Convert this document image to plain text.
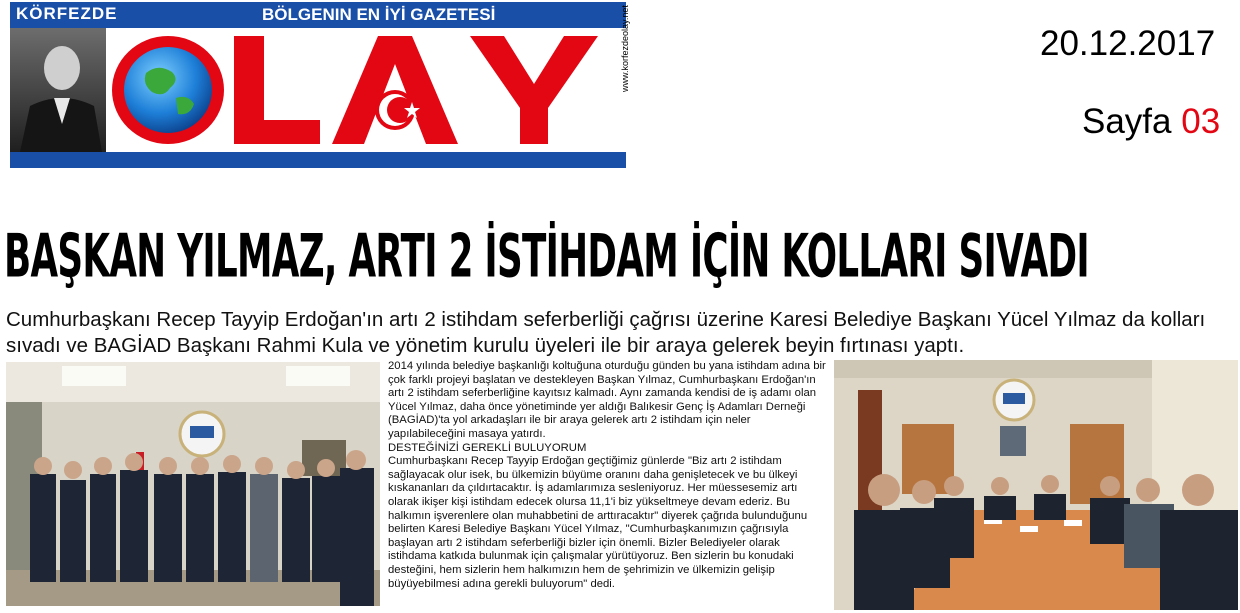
KÖRFEZDE	BÖLGENIN EN İYİ GAZETESİ	www.korfezdeolay.net	20.12.2017
Sayfa 03
BAŞKAN YILMAZ, ARTI 2 İSTİHDAM İÇİN KOLLARI SIVADI
Cumhurbaşkanı Recep Tayyip Erdoğan'ın artı 2 istihdam seferberliği çağrısı üzerine Karesi Belediye Başkanı Yücel Yılmaz da kolları sıvadı ve BAGİAD Başkanı Rahmi Kula ve yönetim kurulu üyeleri ile bir araya gelerek beyin fırtınası yaptı.

2014 yılında belediye başkanlığı koltuğuna oturduğu günden bu yana istihdam adına bir çok farklı projeyi başlatan ve destekleyen Başkan Yılmaz, Cumhurbaşkanı Erdoğan'ın artı 2 istihdam seferberliğine kayıtsız kalmadı. Aynı zamanda kendisi de iş adamı olan Yücel Yılmaz, daha önce yönetiminde yer aldığı Balıkesir Genç İş Adamları Derneği (BAGİAD)'ta yol arkadaşları ile bir araya gelerek artı 2 istihdam için neler yapılabileceğini masaya yatırdı.

DESTEĞİNİZİ GEREKLİ BULUYORUM

Cumhurbaşkanı Recep Tayyip Erdoğan geçtiğimiz günlerde "Biz artı 2 istihdam sağlayacak olur isek, bu ülkemizin büyüme oranını daha genişletecek ve bu ülkeyi kıskananları da çıldırtacaktır. İş adamlarımıza sesleniyoruz. Her müessesemiz artı olarak ikişer kişi istihdam edecek olursa 11,1'i biz yükseltmeye devam ederiz. Bu halkımın işverenlere olan muhabbetini de arttıracaktır" diyerek çağrıda bulunduğunu belirten Karesi Belediye Başkanı Yücel Yılmaz, "Cumhurbaşkanımızın çağrısıyla başlayan artı 2 istihdam seferberliği bizler için önemli. Bizler Belediyeler olarak istihdama katkıda bulunmak için çalışmalar yürütüyoruz. Ben sizlerin bu konudaki desteğini, hem sizlerin hem halkımızın hem de şehrimizin ve ülkemizin gelişip büyüyebilmesi adına gerekli buluyorum" dedi.
